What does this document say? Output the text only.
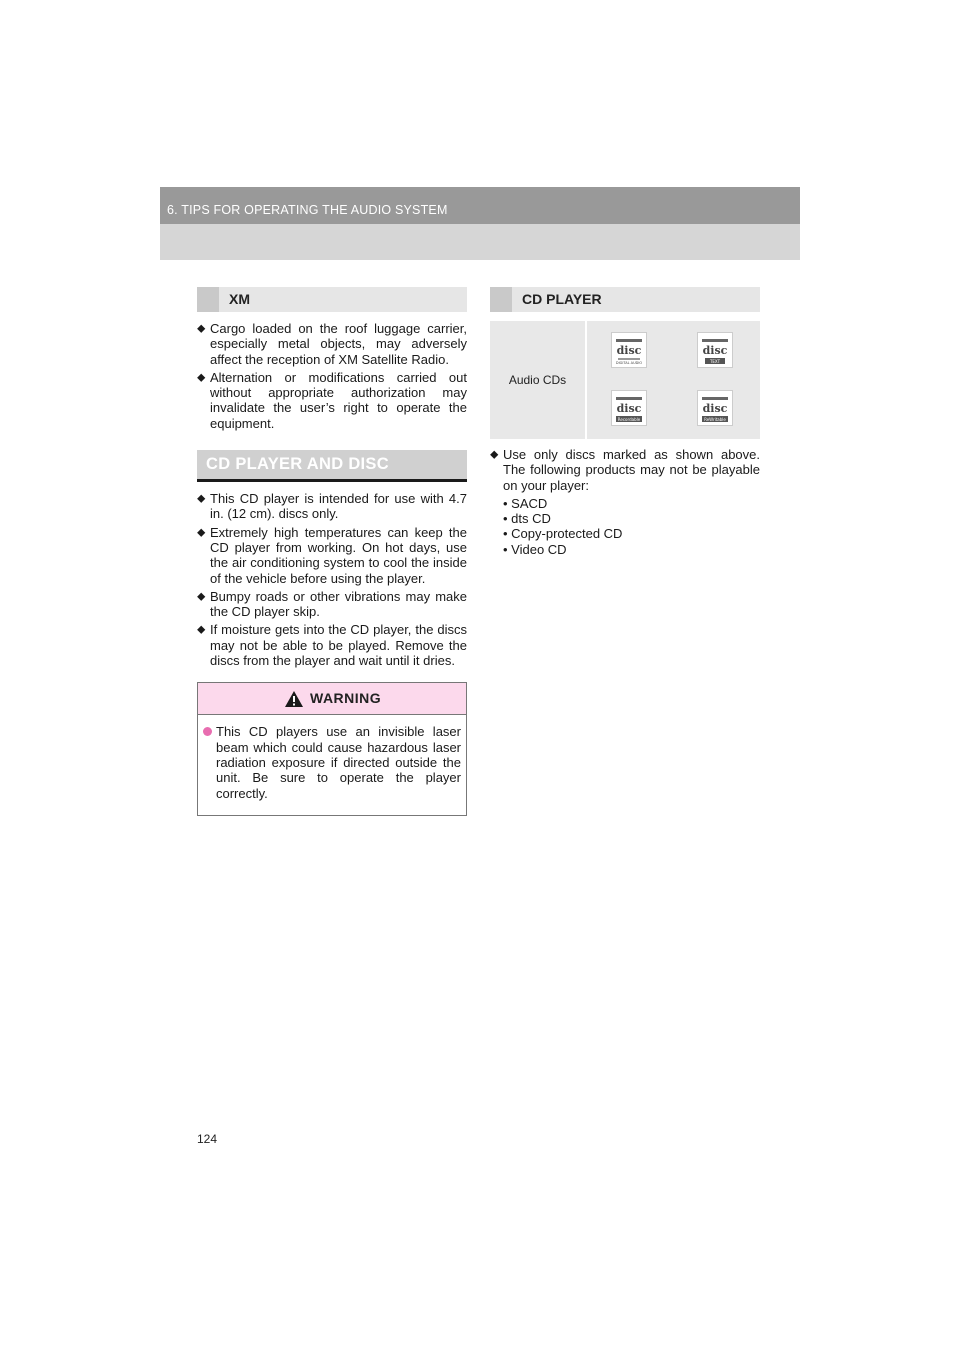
6. TIPS FOR OPERATING THE AUDIO SYSTEM
XM
⬥ Cargo loaded on the roof luggage carrier, especially metal objects, may adversely affect the reception of XM Satellite Radio.
⬥ Alternation or modifications carried out without appropriate authorization may invalidate the user’s right to operate the equipment.
CD PLAYER AND DISC
⬥ This CD player is intended for use with 4.7 in. (12 cm). discs only.
⬥ Extremely high temperatures can keep the CD player from working. On hot days, use the air conditioning system to cool the inside of the vehicle before using the player.
⬥ Bumpy roads or other vibrations may make the CD player skip.
⬥ If moisture gets into the CD player, the discs may not be able to be played. Remove the discs from the player and wait until it dries.
WARNING
This CD players use an invisible laser beam which could cause hazardous laser radiation exposure if directed outside the unit. Be sure to operate the player correctly.
CD PLAYER
Audio CDs
disc
DIGITAL AUDIO
disc
TEXT
disc
Recordable
disc
ReWritable
⬥ Use only discs marked as shown above. The following products may not be playable on your player:
• SACD
• dts CD
• Copy-protected CD
• Video CD
124
